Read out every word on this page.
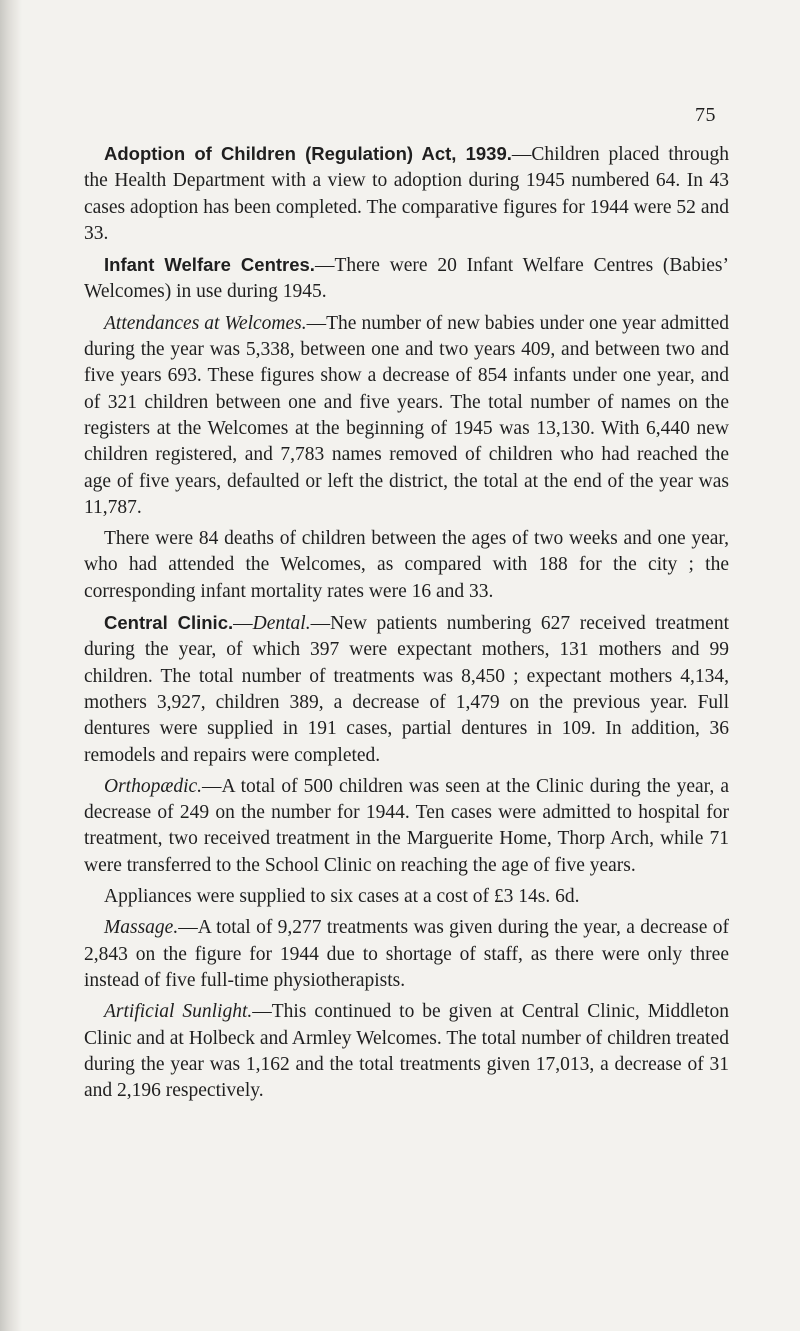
75

Adoption of Children (Regulation) Act, 1939.—Children placed through the Health Department with a view to adoption during 1945 numbered 64. In 43 cases adoption has been completed. The comparative figures for 1944 were 52 and 33.

Infant Welfare Centres.—There were 20 Infant Welfare Centres (Babies’ Welcomes) in use during 1945.

Attendances at Welcomes.—The number of new babies under one year admitted during the year was 5,338, between one and two years 409, and between two and five years 693. These figures show a decrease of 854 infants under one year, and of 321 children between one and five years. The total number of names on the registers at the Welcomes at the beginning of 1945 was 13,130. With 6,440 new children registered, and 7,783 names removed of children who had reached the age of five years, defaulted or left the district, the total at the end of the year was 11,787.

There were 84 deaths of children between the ages of two weeks and one year, who had attended the Welcomes, as compared with 188 for the city ; the corresponding infant mortality rates were 16 and 33.

Central Clinic.—Dental.—New patients numbering 627 received treatment during the year, of which 397 were expectant mothers, 131 mothers and 99 children. The total number of treatments was 8,450 ; expectant mothers 4,134, mothers 3,927, children 389, a decrease of 1,479 on the previous year. Full dentures were supplied in 191 cases, partial dentures in 109. In addition, 36 remodels and repairs were completed.

Orthopædic.—A total of 500 children was seen at the Clinic during the year, a decrease of 249 on the number for 1944. Ten cases were admitted to hospital for treatment, two received treatment in the Marguerite Home, Thorp Arch, while 71 were transferred to the School Clinic on reaching the age of five years.

Appliances were supplied to six cases at a cost of £3 14s. 6d.

Massage.—A total of 9,277 treatments was given during the year, a decrease of 2,843 on the figure for 1944 due to shortage of staff, as there were only three instead of five full-time physiotherapists.

Artificial Sunlight.—This continued to be given at Central Clinic, Middleton Clinic and at Holbeck and Armley Welcomes. The total number of children treated during the year was 1,162 and the total treatments given 17,013, a decrease of 31 and 2,196 respectively.
